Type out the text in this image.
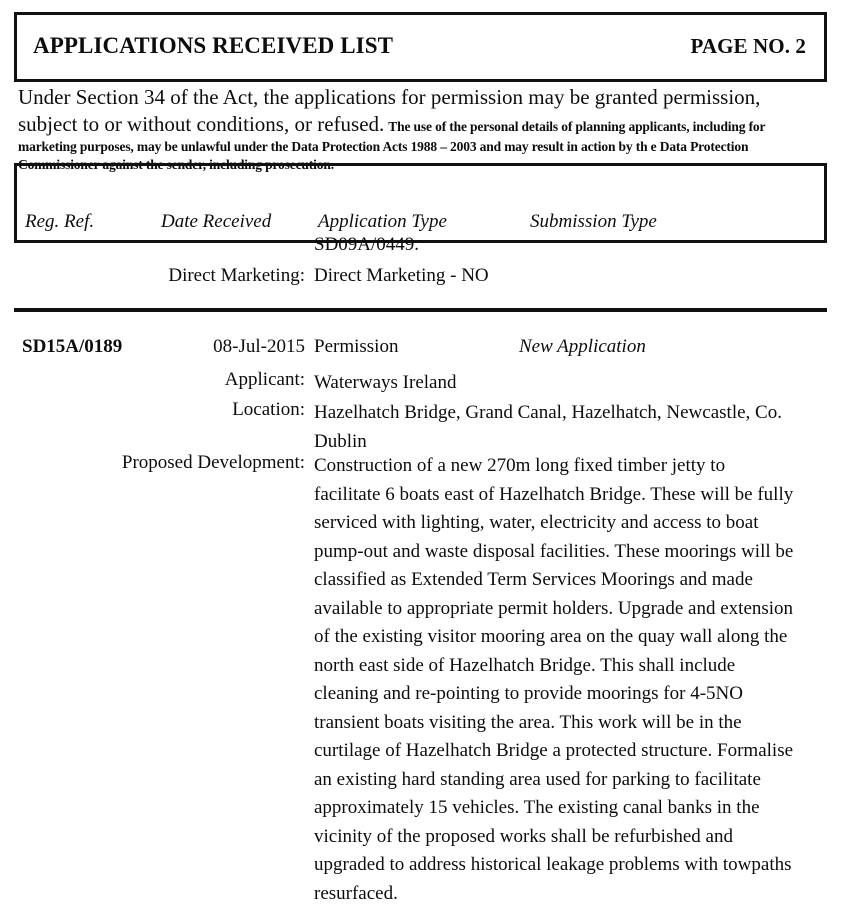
APPLICATIONS RECEIVED LIST	PAGE NO. 2
Under Section 34 of the Act, the applications for permission may be granted permission, subject to or without conditions, or refused. The use of the personal details of planning applicants, including for marketing purposes, may be unlawful under the Data Protection Acts 1988 – 2003 and may result in action by th e Data Protection Commissioner against the sender, including prosecution.
Reg. Ref.	Date Received Application Type	Submission Type
SD09A/0449.
Direct Marketing: Direct Marketing - NO
SD15A/0189	08-Jul-2015 Permission	New Application
Applicant: Waterways Ireland
Location: Hazelhatch Bridge, Grand Canal, Hazelhatch, Newcastle, Co. Dublin
Proposed Development: Construction of a new 270m long fixed timber jetty to facilitate 6 boats east of Hazelhatch Bridge. These will be fully serviced with lighting, water, electricity and access to boat pump-out and waste disposal facilities. These moorings will be classified as Extended Term Services Moorings and made available to appropriate permit holders. Upgrade and extension of the existing visitor mooring area on the quay wall along the north east side of Hazelhatch Bridge. This shall include cleaning and re-pointing to provide moorings for 4-5NO transient boats visiting the area. This work will be in the curtilage of Hazelhatch Bridge a protected structure. Formalise an existing hard standing area used for parking to facilitate approximately 15 vehicles. The existing canal banks in the vicinity of the proposed works shall be refurbished and upgraded to address historical leakage problems with towpaths resurfaced.
